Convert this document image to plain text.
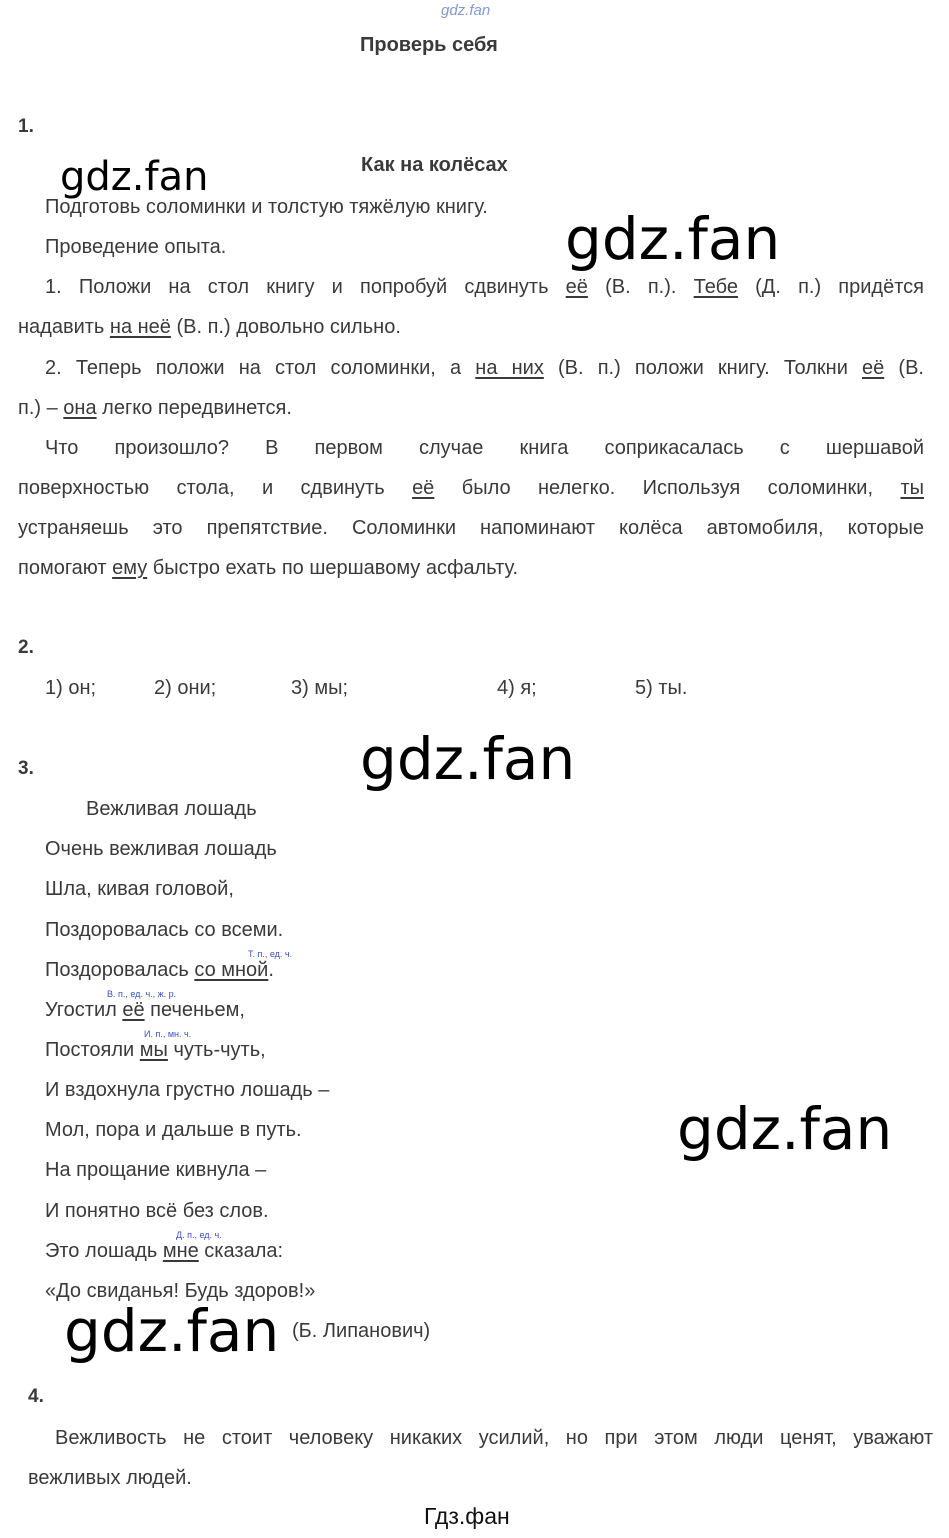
gdz.fan
Проверь себя
1.
Как на колёсах
Подготовь соломинки и толстую тяжёлую книгу.
Проведение опыта.
1. Положи на стол книгу и попробуй сдвинуть её (В. п.). Тебе (Д. п.) придётся
надавить на неё (В. п.) довольно сильно.
2. Теперь положи на стол соломинки, а на них (В. п.) положи книгу. Толкни её (В.
п.) – она легко передвинется.
Что произошло? В первом случае книга соприкасалась с шершавой
поверхностью стола, и сдвинуть её было нелегко. Используя соломинки, ты
устраняешь это препятствие. Соломинки напоминают колёса автомобиля, которые
помогают ему быстро ехать по шершавому асфальту.
2.
1) он;	2) они;	3) мы;	4) я;	5) ты.
3.
Вежливая лошадь
Очень вежливая лошадь
Шла, кивая головой,
Поздоровалась со всеми.
Т. п., ед. ч.
Поздоровалась со мной.
В. п., ед. ч., ж. р.
Угостил её печеньем,
И. п., мн. ч.
Постояли мы чуть-чуть,
И вздохнула грустно лошадь –
Мол, пора и дальше в путь.
На прощание кивнула –
И понятно всё без слов.
Д. п., ед. ч.
Это лошадь мне сказала:
«До свиданья! Будь здоров!»
(Б. Липанович)
4.
Вежливость не стоит человеку никаких усилий, но при этом люди ценят, уважают
вежливых людей.
gdz.fan
gdz.fan
gdz.fan
gdz.fan
gdz.fan
Гдз.фан
